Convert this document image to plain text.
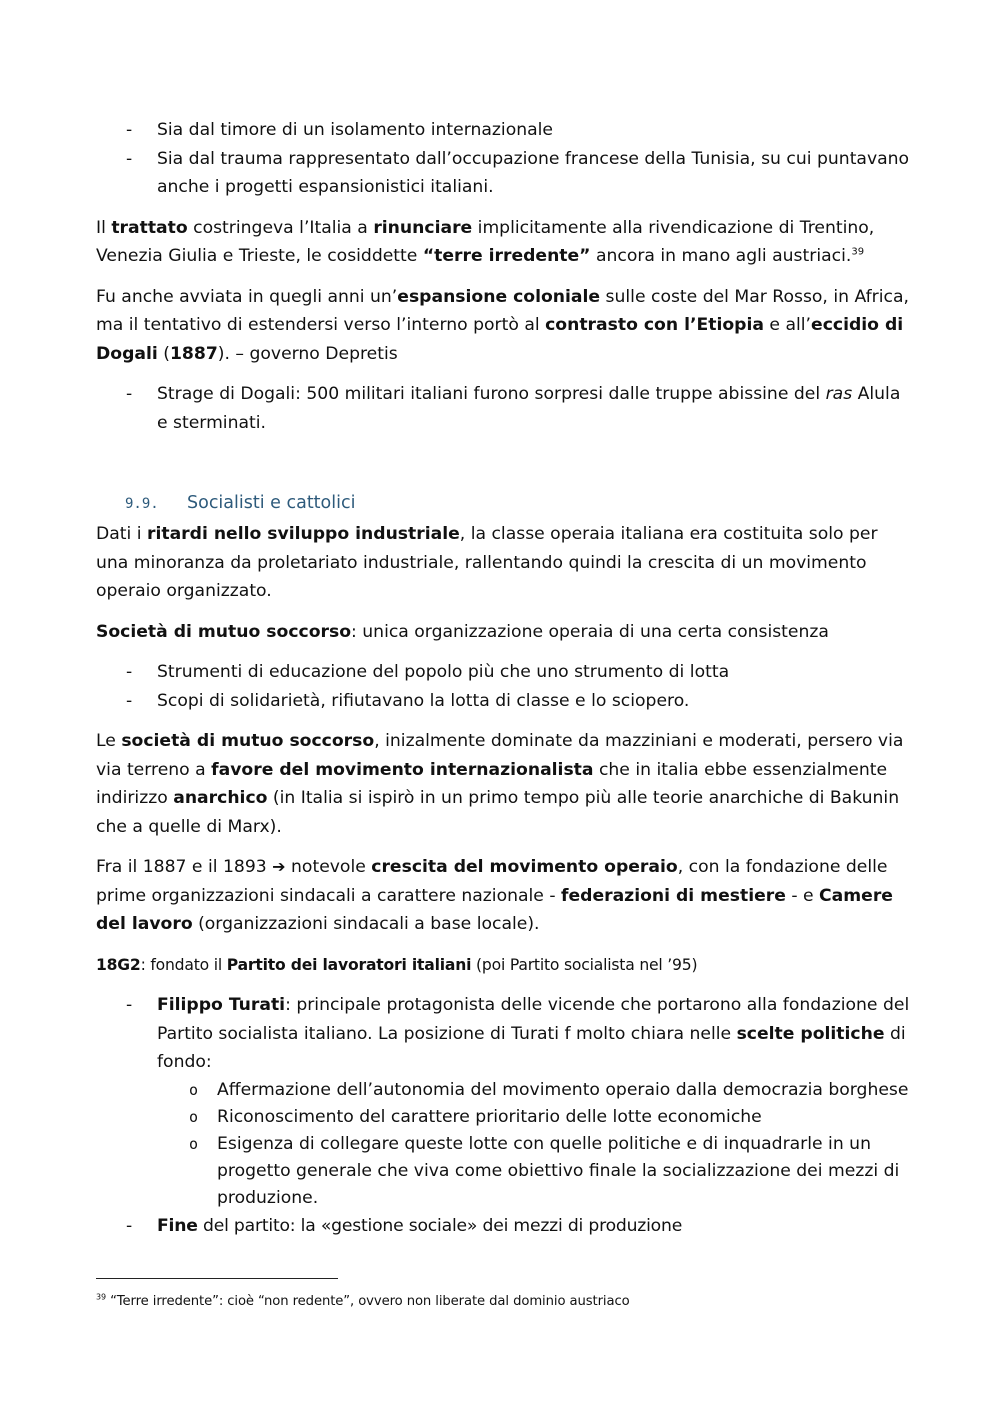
- Sia dal timore di un isolamento internazionale
- Sia dal trauma rappresentato dall’occupazione francese della Tunisia, su cui puntavano anche i progetti espansionistici italiani.

Il trattato costringeva l’Italia a rinunciare implicitamente alla rivendicazione di Trentino, Venezia Giulia e Trieste, le cosiddette “terre irredente” ancora in mano agli austriaci.$^{39}$

Fu anche avviata in quegli anni un’espansione coloniale sulle coste del Mar Rosso, in Africa, ma il tentativo di estendersi verso l’interno portò al contrasto con l’Etiopia e all’eccidio di Dogali (1887). – governo Depretis

- Strage di Dogali: 500 militari italiani furono sorpresi dalle truppe abissine del ras Alula e sterminati.
9.9. Socialisti e cattolici

Dati i ritardi nello sviluppo industriale, la classe operaia italiana era costituita solo per una minoranza da proletariato industriale, rallentando quindi la crescita di un movimento operaio organizzato.

Società di mutuo soccorso: unica organizzazione operaia di una certa consistenza

- Strumenti di educazione del popolo più che uno strumento di lotta
- Scopi di solidarietà, rifiutavano la lotta di classe e lo sciopero.

Le società di mutuo soccorso, inizalmente dominate da mazziniani e moderati, persero via via terreno a favore del movimento internazionalista che in italia ebbe essenzialmente indirizzo anarchico (in Italia si ispirò in un primo tempo più alle teorie anarchiche di Bakunin che a quelle di Marx).

Fra il 1887 e il 1893 ➔ notevole crescita del movimento operaio, con la fondazione delle prime organizzazioni sindacali a carattere nazionale - federazioni di mestiere - e Camere del lavoro (organizzazioni sindacali a base locale).

18G2: fondato il Partito dei lavoratori italiani (poi Partito socialista nel ’95)

- Filippo Turati: principale protagonista delle vicende che portarono alla fondazione del Partito socialista italiano. La posizione di Turati f molto chiara nelle scelte politiche di fondo:
o Affermazione dell’autonomia del movimento operaio dalla democrazia borghese
o Riconoscimento del carattere prioritario delle lotte economiche
o Esigenza di collegare queste lotte con quelle politiche e di inquadrarle in un progetto generale che viva come obiettivo finale la socializzazione dei mezzi di produzione.
- Fine del partito: la «gestione sociale» dei mezzi di produzione
$^{39}$ “Terre irredente”: cioè “non redente”, ovvero non liberate dal dominio austriaco
